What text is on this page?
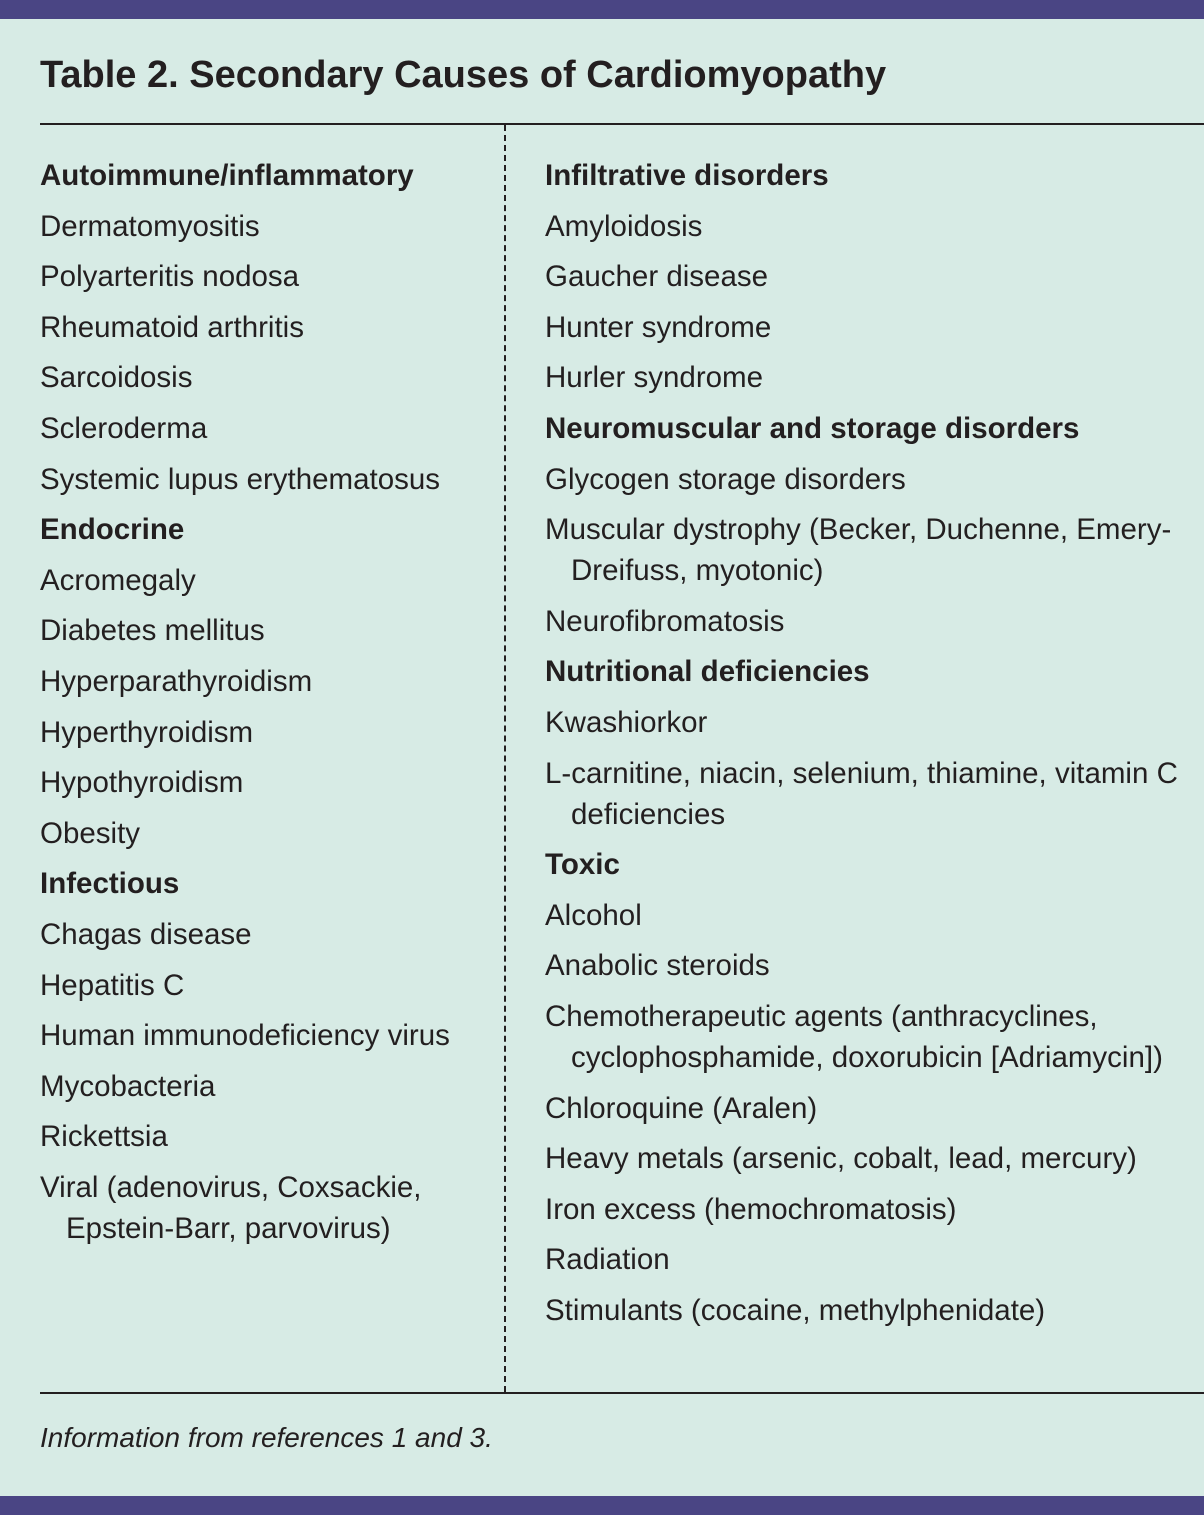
Table 2. Secondary Causes of Cardiomyopathy
Autoimmune/inflammatory
Dermatomyositis
Polyarteritis nodosa
Rheumatoid arthritis
Sarcoidosis
Scleroderma
Systemic lupus erythematosus
Endocrine
Acromegaly
Diabetes mellitus
Hyperparathyroidism
Hyperthyroidism
Hypothyroidism
Obesity
Infectious
Chagas disease
Hepatitis C
Human immunodeficiency virus
Mycobacteria
Rickettsia
Viral (adenovirus, Coxsackie, Epstein-Barr, parvovirus)
Infiltrative disorders
Amyloidosis
Gaucher disease
Hunter syndrome
Hurler syndrome
Neuromuscular and storage disorders
Glycogen storage disorders
Muscular dystrophy (Becker, Duchenne, Emery-Dreifuss, myotonic)
Neurofibromatosis
Nutritional deficiencies
Kwashiorkor
L-carnitine, niacin, selenium, thiamine, vitamin C deficiencies
Toxic
Alcohol
Anabolic steroids
Chemotherapeutic agents (anthracyclines, cyclophosphamide, doxorubicin [Adriamycin])
Chloroquine (Aralen)
Heavy metals (arsenic, cobalt, lead, mercury)
Iron excess (hemochromatosis)
Radiation
Stimulants (cocaine, methylphenidate)

Information from references 1 and 3.
